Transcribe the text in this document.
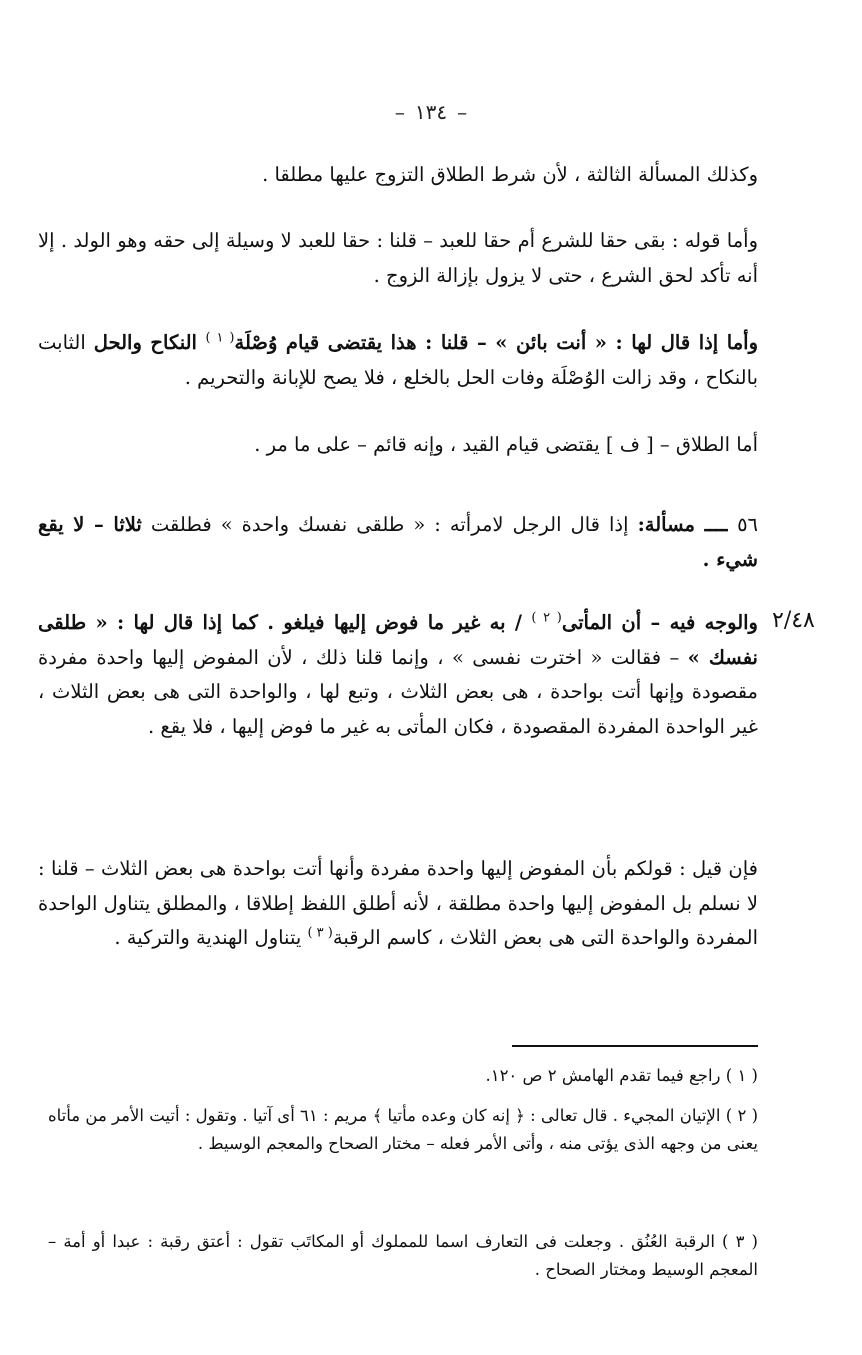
– ١٣٤ –
٢/٤٨

وكذلك المسألة الثالثة ، لأن شرط الطلاق التزوج عليها مطلقا .

وأما قوله : بقى حقا للشرع أم حقا للعبد – قلنا : حقا للعبد لا وسيلة إلى حقه وهو الولد . إلا أنه تأكد لحق الشرع ، حتى لا يزول بإزالة الزوج .

وأما إذا قال لها : « أنت بائن » – قلنا : هذا يقتضى قيام وُصْلَة$^{( ١ )}$ النكاح والحل الثابت بالنكاح ، وقد زالت الوُصْلَة وفات الحل بالخلع ، فلا يصح للإبانة والتحريم .

أما الطلاق – [ ف ] يقتضى قيام القيد ، وإنه قائم – على ما مر .

٥٦ ــــ مسألة: إذا قال الرجل لامرأته : « طلقى نفسك واحدة » فطلقت ثلاثا – لا يقع شيء .

والوجه فيه – أن المأتى$^{( ٢ )}$ / به غير ما فوض إليها فيلغو . كما إذا قال لها : « طلقى نفسك » – فقالت « اخترت نفسى » ، وإنما قلنا ذلك ، لأن المفوض إليها واحدة مفردة مقصودة وإنها أتت بواحدة ، هى بعض الثلاث ، وتبع لها ، والواحدة التى هى بعض الثلاث ، غير الواحدة المفردة المقصودة ، فكان المأتى به غير ما فوض إليها ، فلا يقع .

فإن قيل : قولكم بأن المفوض إليها واحدة مفردة وأنها أتت بواحدة هى بعض الثلاث – قلنا : لا نسلم بل المفوض إليها واحدة مطلقة ، لأنه أطلق اللفظ إطلاقا ، والمطلق يتناول الواحدة المفردة والواحدة التى هى بعض الثلاث ، كاسم الرقبة$^{( ٣ )}$ يتناول الهندية والتركية .

( ١ ) راجع فيما تقدم الهامش ٢ ص ١٢٠.

( ٢ ) الإتيان المجيء . قال تعالى : ﴿ إنه كان وعده مأتيا ﴾ مريم : ٦١ أى آتيا . وتقول : أتيت الأمر من مأتاه يعنى من وجهه الذى يؤتى منه ، وأتى الأمر فعله – مختار الصحاح والمعجم الوسيط .

( ٣ ) الرقبة العُنُق . وجعلت فى التعارف اسما للمملوك أو المكاتَب تقول : أعتق رقبة : عبدا أو أمة – المعجم الوسيط ومختار الصحاح .
